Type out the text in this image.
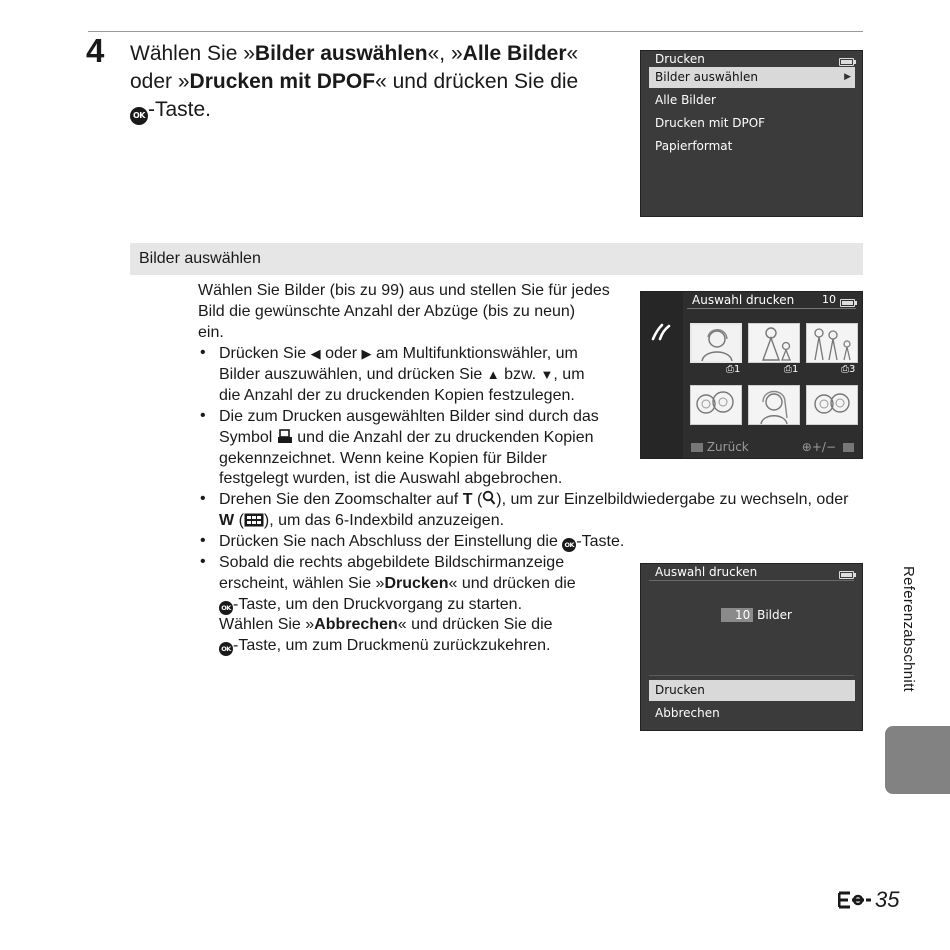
4 Wählen Sie »Bilder auswählen«, »Alle Bilder«
oder »Drucken mit DPOF« und drücken Sie die
OK -Taste.
Drucken
Bilder auswählen	▶
Alle Bilder
Drucken mit DPOF
Papierformat
Bilder auswählen
Wählen Sie Bilder (bis zu 99) aus und stellen Sie für jedes
Bild die gewünschte Anzahl der Abzüge (bis zu neun)
ein.
• Drücken Sie ◀ oder ▶ am Multifunktionswähler, um
Bilder auszuwählen, und drücken Sie ▲ bzw. ▼, um
die Anzahl der zu druckenden Kopien festzulegen.
• Die zum Drucken ausgewählten Bilder sind durch das
Symbol und die Anzahl der zu druckenden Kopien
gekennzeichnet. Wenn keine Kopien für Bilder
festgelegt wurden, ist die Auswahl abgebrochen.
• Drehen Sie den Zoomschalter auf T ( ), um zur Einzelbildwiedergabe zu wechseln, oder
W ( ), um das 6-Indexbild anzuzeigen.
• Drücken Sie nach Abschluss der Einstellung die OK -Taste.
• Sobald die rechts abgebildete Bildschirmanzeige
erscheint, wählen Sie »Drucken« und drücken die
OK -Taste, um den Druckvorgang zu starten.
Wählen Sie »Abbrechen« und drücken Sie die
OK -Taste, um zum Druckmenü zurückzukehren.
Auswahl drucken	10
⎙1	⎙1	⎙3
Zurück	⊕+/−
Auswahl drucken
10 Bilder
Drucken
Abbrechen
Referenzabschnitt
35
